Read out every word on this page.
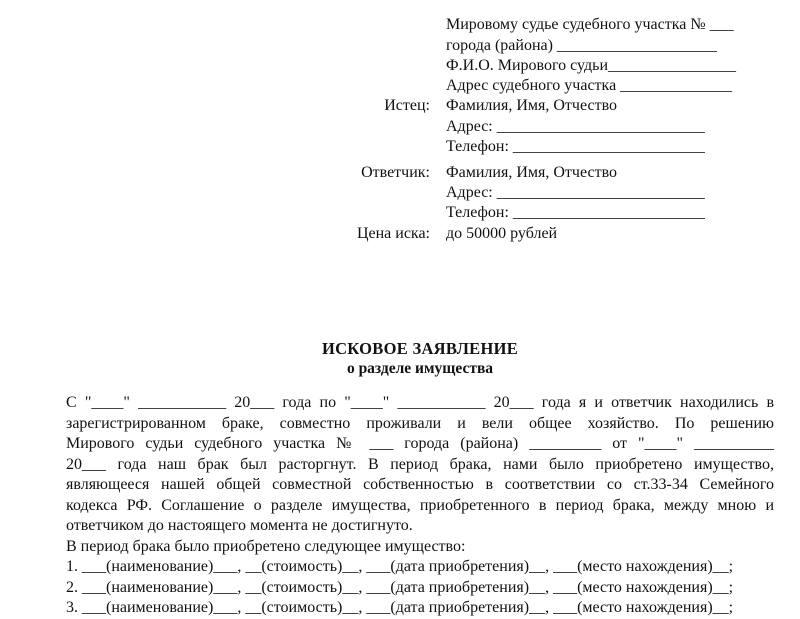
Мировому судье судебного участка № ___
города (района) ____________________
Ф.И.О. Мирового судьи________________
Адрес судебного участка ______________
Истец: Фамилия, Имя, Отчество
Адрес: __________________________
Телефон: ________________________
Ответчик: Фамилия, Имя, Отчество
Адрес: __________________________
Телефон: ________________________
Цена иска: до 50000 рублей
ИСКОВОЕ ЗАЯВЛЕНИЕ
о разделе имущества
С "____" ___________ 20___ года по "____" ___________ 20___ года я и ответчик находились в
зарегистрированном браке, совместно проживали и вели общее хозяйство. По решению
Мирового судьи судебного участка № ___ города (района) _________ от "____" __________
20___ года наш брак был расторгнут. В период брака, нами было приобретено имущество,
являющееся нашей общей совместной собственностью в соответствии со ст.33-34 Семейного
кодекса РФ. Соглашение о разделе имущества, приобретенного в период брака, между мною и
ответчиком до настоящего момента не достигнуто.
В период брака было приобретено следующее имущество:
1. ___(наименование)___, __(стоимость)__, ___(дата приобретения)__, ___(место нахождения)__;
2. ___(наименование)___, __(стоимость)__, ___(дата приобретения)__, ___(место нахождения)__;
3. ___(наименование)___, __(стоимость)__, ___(дата приобретения)__, ___(место нахождения)__;
